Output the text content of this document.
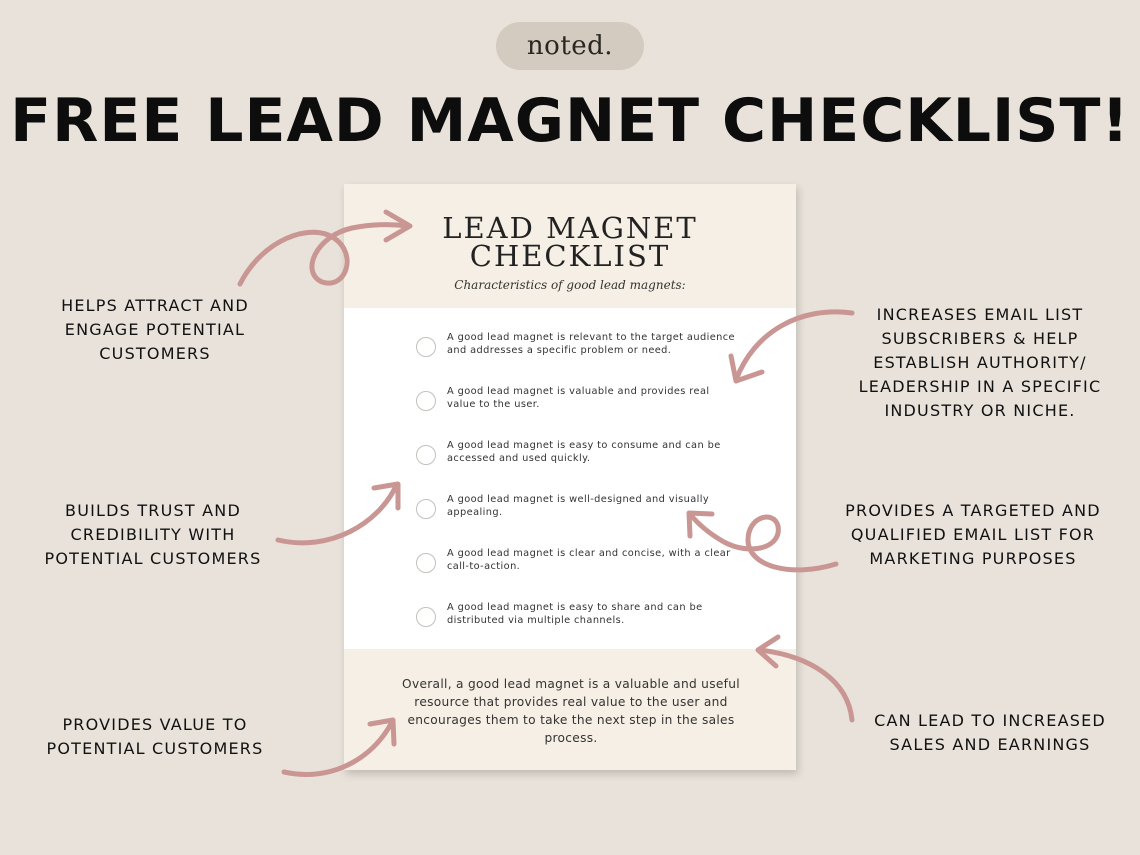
noted.
FREE LEAD MAGNET CHECKLIST!
LEAD MAGNET
CHECKLIST
Characteristics of good lead magnets:
A good lead magnet is relevant to the target audience and addresses a specific problem or need.
A good lead magnet is valuable and provides real value to the user.
A good lead magnet is easy to consume and can be accessed and used quickly.
A good lead magnet is well-designed and visually appealing.
A good lead magnet is clear and concise, with a clear call-to-action.
A good lead magnet is easy to share and can be distributed via multiple channels.
Overall, a good lead magnet is a valuable and useful resource that provides real value to the user and encourages them to take the next step in the sales process.
HELPS ATTRACT AND
ENGAGE POTENTIAL
CUSTOMERS
BUILDS TRUST AND
CREDIBILITY WITH
POTENTIAL CUSTOMERS
PROVIDES VALUE TO
POTENTIAL CUSTOMERS
INCREASES EMAIL LIST
SUBSCRIBERS & HELP
ESTABLISH AUTHORITY/
LEADERSHIP IN A SPECIFIC
INDUSTRY OR NICHE.
PROVIDES A TARGETED AND
QUALIFIED EMAIL LIST FOR
MARKETING PURPOSES
CAN LEAD TO INCREASED
SALES AND EARNINGS
